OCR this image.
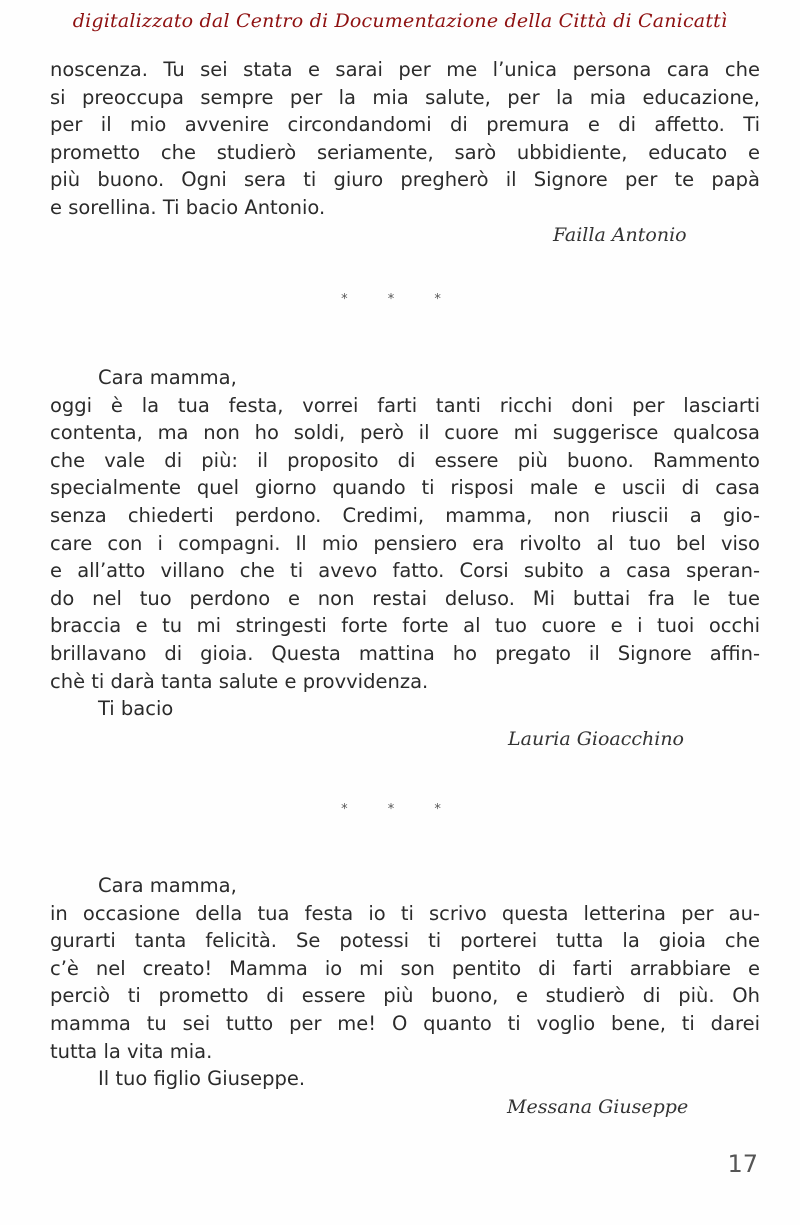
digitalizzato dal Centro di Documentazione della Città di Canicattì
noscenza. Tu sei stata e sarai per me l’unica persona cara che
si preoccupa sempre per la mia salute, per la mia educazione,
per il mio avvenire circondandomi di premura e di affetto. Ti
prometto che studierò seriamente, sarò ubbidiente, educato e
più buono. Ogni sera ti giuro pregherò il Signore per te papà
e sorellina. Ti bacio Antonio.
Failla Antonio
* * *
Cara mamma,
oggi è la tua festa, vorrei farti tanti ricchi doni per lasciarti
contenta, ma non ho soldi, però il cuore mi suggerisce qualcosa
che vale di più: il proposito di essere più buono. Rammento
specialmente quel giorno quando ti risposi male e uscii di casa
senza chiederti perdono. Credimi, mamma, non riuscii a gio-
care con i compagni. Il mio pensiero era rivolto al tuo bel viso
e all’atto villano che ti avevo fatto. Corsi subito a casa speran-
do nel tuo perdono e non restai deluso. Mi buttai fra le tue
braccia e tu mi stringesti forte forte al tuo cuore e i tuoi occhi
brillavano di gioia. Questa mattina ho pregato il Signore affin-
chè ti darà tanta salute e provvidenza.
Ti bacio
Lauria Gioacchino
* * *
Cara mamma,
in occasione della tua festa io ti scrivo questa letterina per au-
gurarti tanta felicità. Se potessi ti porterei tutta la gioia che
c’è nel creato! Mamma io mi son pentito di farti arrabbiare e
perciò ti prometto di essere più buono, e studierò di più. Oh
mamma tu sei tutto per me! O quanto ti voglio bene, ti darei
tutta la vita mia.
Il tuo figlio Giuseppe.
Messana Giuseppe
17
